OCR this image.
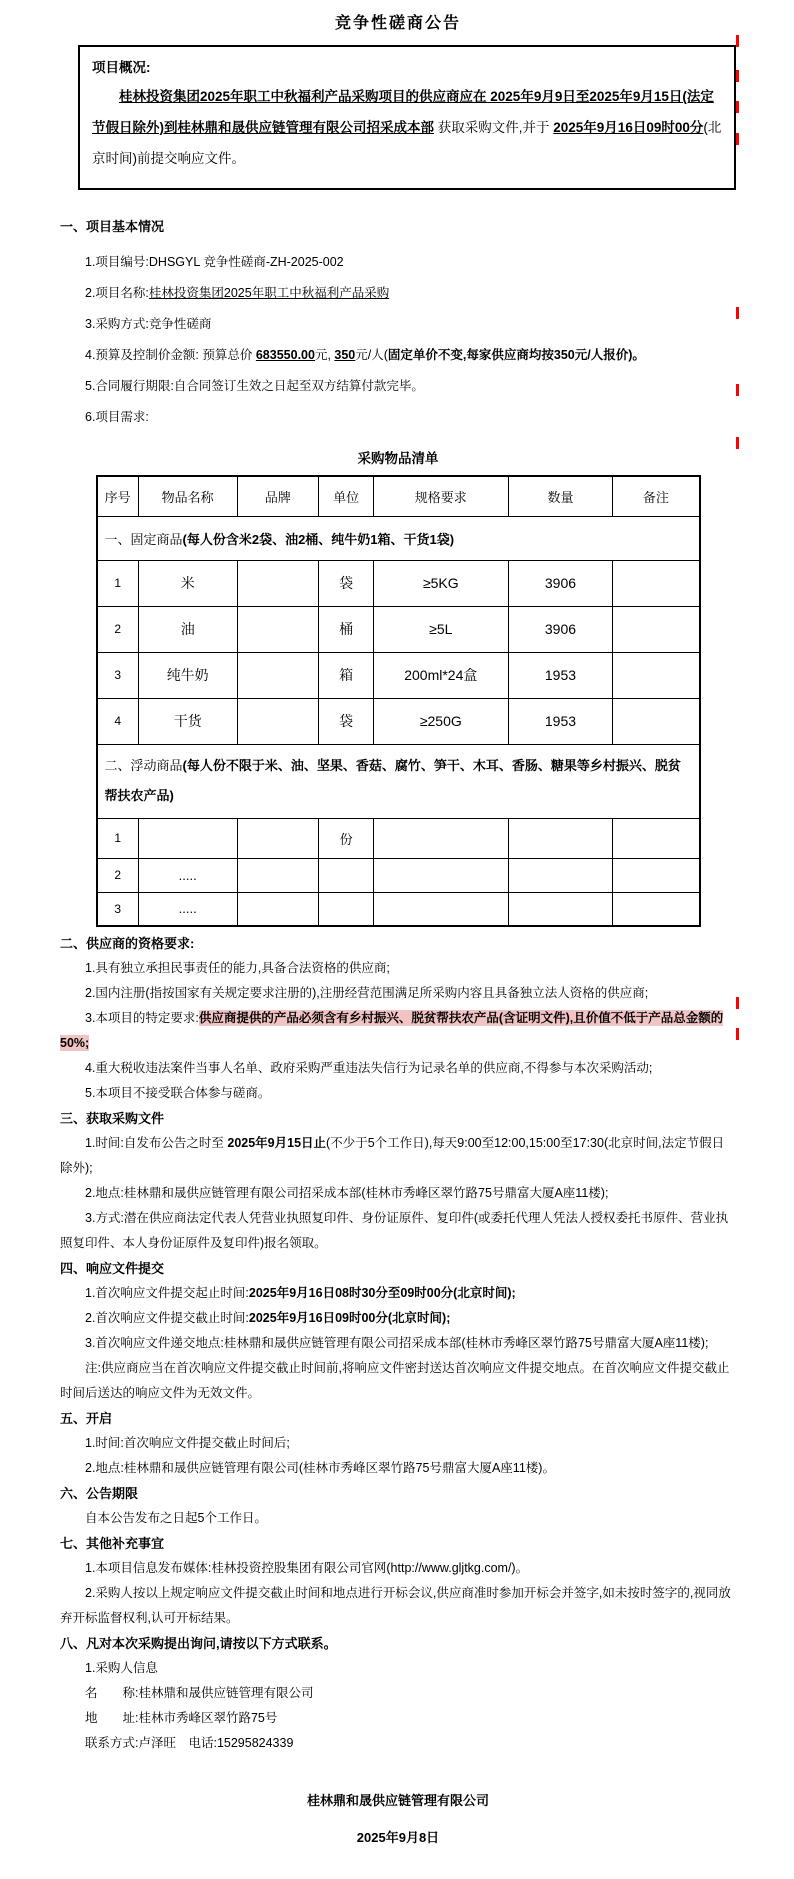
竞争性磋商公告
项目概况:
桂林投资集团2025年职工中秋福利产品采购项目的供应商应在 2025年9月9日至2025年9月15日(法定节假日除外)到桂林鼎和晟供应链管理有限公司招采成本部 获取采购文件,并于 2025年9月16日09时00分(北京时间)前提交响应文件。
一、项目基本情况
1.项目编号:DHSGYL 竞争性磋商-ZH-2025-002
2.项目名称:桂林投资集团2025年职工中秋福利产品采购
3.采购方式:竞争性磋商
4.预算及控制价金额: 预算总价 683550.00元, 350元/人(固定单价不变,每家供应商均按350元/人报价)。
5.合同履行期限:自合同签订生效之日起至双方结算付款完毕。
6.项目需求:
采购物品清单
序号	物品名称	品牌	单位	规格要求	数量	备注
一、固定商品(每人份含米2袋、油2桶、纯牛奶1箱、干货1袋)						
1	米		袋	≥5KG	3906	
2	油		桶	≥5L	3906	
3	纯牛奶		箱	200ml*24盒	1953	
4	干货		袋	≥250G	1953	
二、浮动商品(每人份不限于米、油、坚果、香菇、腐竹、笋干、木耳、香肠、糖果等乡村振兴、脱贫帮扶农产品)						
1			份			
2	.....					
3	.....					
二、供应商的资格要求:
1.具有独立承担民事责任的能力,具备合法资格的供应商;
2.国内注册(指按国家有关规定要求注册的),注册经营范围满足所采购内容且具备独立法人资格的供应商;
3.本项目的特定要求:供应商提供的产品必须含有乡村振兴、脱贫帮扶农产品(含证明文件),且价值不低于产品总金额的50%;
4.重大税收违法案件当事人名单、政府采购严重违法失信行为记录名单的供应商,不得参与本次采购活动;
5.本项目不接受联合体参与磋商。
三、获取采购文件
1.时间:自发布公告之时至 2025年9月15日止(不少于5个工作日),每天9:00至12:00,15:00至17:30(北京时间,法定节假日除外);
2.地点:桂林鼎和晟供应链管理有限公司招采成本部(桂林市秀峰区翠竹路75号鼎富大厦A座11楼);
3.方式:潜在供应商法定代表人凭营业执照复印件、身份证原件、复印件(或委托代理人凭法人授权委托书原件、营业执照复印件、本人身份证原件及复印件)报名领取。
四、响应文件提交
1.首次响应文件提交起止时间:2025年9月16日08时30分至09时00分(北京时间);
2.首次响应文件提交截止时间:2025年9月16日09时00分(北京时间);
3.首次响应文件递交地点:桂林鼎和晟供应链管理有限公司招采成本部(桂林市秀峰区翠竹路75号鼎富大厦A座11楼);
注:供应商应当在首次响应文件提交截止时间前,将响应文件密封送达首次响应文件提交地点。在首次响应文件提交截止时间后送达的响应文件为无效文件。
五、开启
1.时间:首次响应文件提交截止时间后;
2.地点:桂林鼎和晟供应链管理有限公司(桂林市秀峰区翠竹路75号鼎富大厦A座11楼)。
六、公告期限
自本公告发布之日起5个工作日。
七、其他补充事宜
1.本项目信息发布媒体:桂林投资控股集团有限公司官网(http://www.gljtkg.com/)。
2.采购人按以上规定响应文件提交截止时间和地点进行开标会议,供应商准时参加开标会并签字,如未按时签字的,视同放弃开标监督权利,认可开标结果。
八、凡对本次采购提出询问,请按以下方式联系。
1.采购人信息
名　　称:桂林鼎和晟供应链管理有限公司
地　　址:桂林市秀峰区翠竹路75号
联系方式:卢泽旺　电话:15295824339
桂林鼎和晟供应链管理有限公司
2025年9月8日
